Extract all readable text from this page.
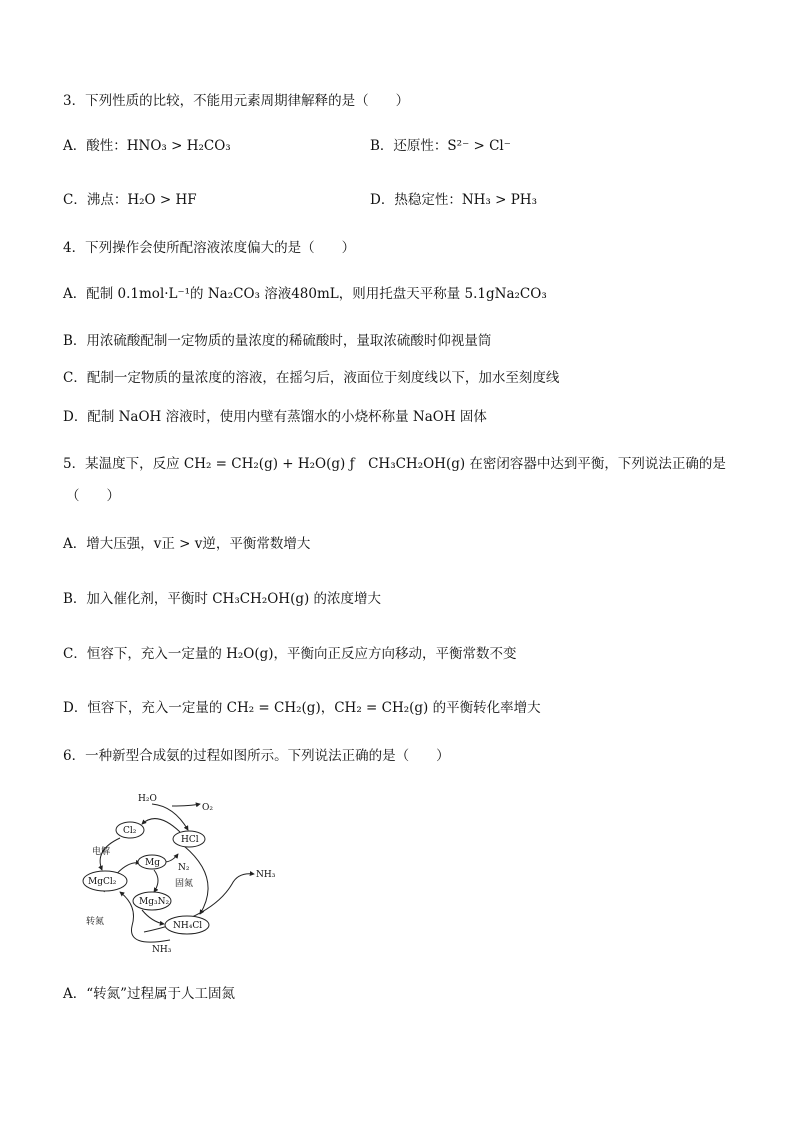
3．下列性质的比较，不能用元素周期律解释的是（　　）
A．酸性：HNO₃ > H₂CO₃	B．还原性：S²⁻ > Cl⁻
C．沸点：H₂O > HF	D．热稳定性：NH₃ > PH₃
4．下列操作会使所配溶液浓度偏大的是（　　）
A．配制 0.1mol·L⁻¹的 Na₂CO₃ 溶液480mL，则用托盘天平称量 5.1gNa₂CO₃
B．用浓硫酸配制一定物质的量浓度的稀硫酸时，量取浓硫酸时仰视量筒
C．配制一定物质的量浓度的溶液，在摇匀后，液面位于刻度线以下，加水至刻度线
D．配制 NaOH 溶液时，使用内壁有蒸馏水的小烧杯称量 NaOH 固体
5．某温度下，反应 CH₂ = CH₂(g) + H₂O(g) ƒ　CH₃CH₂OH(g) 在密闭容器中达到平衡，下列说法正确的是
（　　）
A．增大压强，v正 > v逆，平衡常数增大
B．加入催化剂，平衡时 CH₃CH₂OH(g) 的浓度增大
C．恒容下，充入一定量的 H₂O(g)，平衡向正反应方向移动，平衡常数不变
D．恒容下，充入一定量的 CH₂ = CH₂(g)，CH₂ = CH₂(g) 的平衡转化率增大
6．一种新型合成氨的过程如图所示。下列说法正确的是（　　）
H₂O
O₂
Cl₂
HCl
电解
Mg N₂
MgCl₂	固氮
NH₃
Mg₃N₂
转氮	NH₄Cl
NH₃
A．“转氮”过程属于人工固氮
